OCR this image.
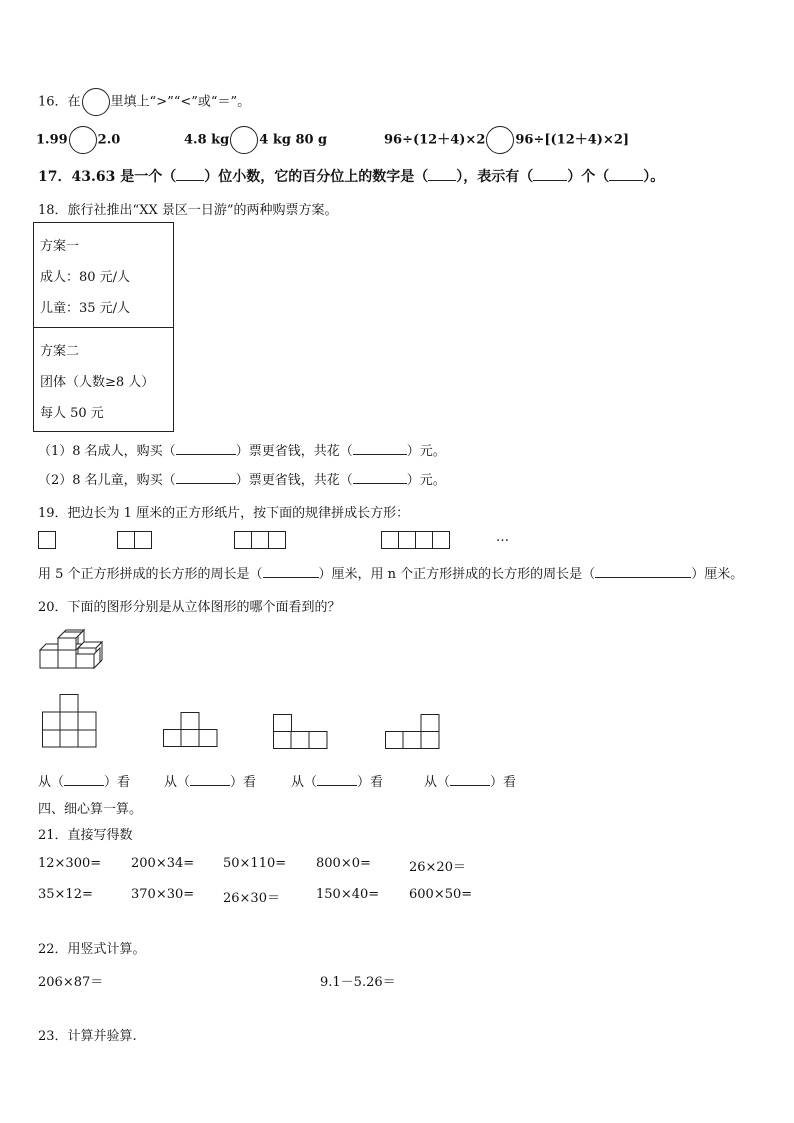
16．在 里填上“>”“<”或“＝”。
1.99 2.0	4.8 kg 4 kg 80 g	96÷(12＋4)×2 96÷[(12＋4)×2]
17．43.63 是一个（ ）位小数，它的百分位上的数字是（ ），表示有（ ）个（ ）。
18．旅行社推出“XX 景区一日游”的两种购票方案。
方案一
成人：80 元/人
儿童：35 元/人
方案二
团体（人数≥8 人）
每人 50 元
（1）8 名成人，购买（	）票更省钱，共花（	）元。
（2）8 名儿童，购买（	）票更省钱，共花（	）元。
19．把边长为 1 厘米的正方形纸片，按下面的规律拼成长方形：
…
用 5 个正方形拼成的长方形的周长是（	）厘米，用 n 个正方形拼成的长方形的周长是（	）厘米。
20．下面的图形分别是从立体图形的哪个面看到的？
从（	）看	从（	）看	从（	）看	从（	）看
四、细心算一算。
21．直接写得数
12×300= 200×34= 50×110= 800×0=	26×20＝
35×12=	370×30= 26×30＝	150×40= 600×50=
22．用竖式计算。
206×87＝	9.1－5.26＝
23．计算并验算.
